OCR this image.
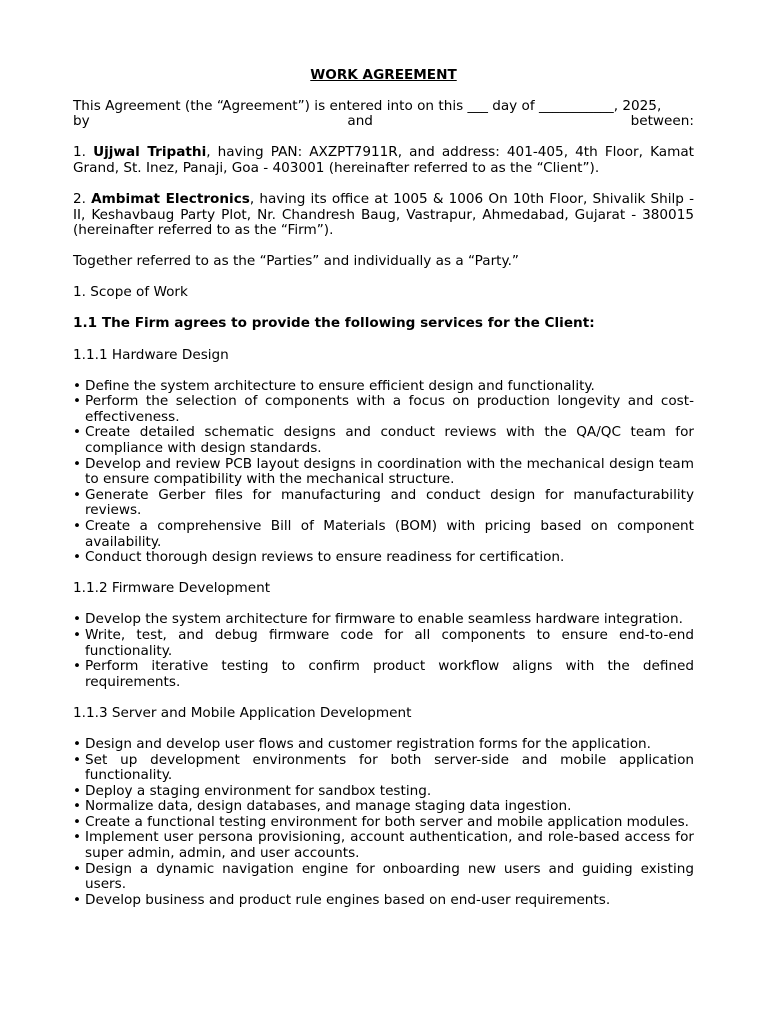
WORK AGREEMENT

This Agreement (the “Agreement”) is entered into on this ___ day of ___________, 2025,
by	and	between:

1. Ujjwal Tripathi, having PAN: AXZPT7911R, and address: 401-405, 4th Floor, Kamat Grand, St. Inez, Panaji, Goa - 403001 (hereinafter referred to as the “Client”).

2. Ambimat Electronics, having its office at 1005 & 1006 On 10th Floor, Shivalik Shilp - II, Keshavbaug Party Plot, Nr. Chandresh Baug, Vastrapur, Ahmedabad, Gujarat - 380015 (hereinafter referred to as the “Firm”).

Together referred to as the “Parties” and individually as a “Party.”

1. Scope of Work

1.1 The Firm agrees to provide the following services for the Client:

1.1.1 Hardware Design

• Define the system architecture to ensure efficient design and functionality.
• Perform the selection of components with a focus on production longevity and cost-effectiveness.
• Create detailed schematic designs and conduct reviews with the QA/QC team for compliance with design standards.
• Develop and review PCB layout designs in coordination with the mechanical design team to ensure compatibility with the mechanical structure.
• Generate Gerber files for manufacturing and conduct design for manufacturability reviews.
• Create a comprehensive Bill of Materials (BOM) with pricing based on component availability.
• Conduct thorough design reviews to ensure readiness for certification.

1.1.2 Firmware Development

• Develop the system architecture for firmware to enable seamless hardware integration.
• Write, test, and debug firmware code for all components to ensure end-to-end functionality.
• Perform iterative testing to confirm product workflow aligns with the defined requirements.

1.1.3 Server and Mobile Application Development

• Design and develop user flows and customer registration forms for the application.
• Set up development environments for both server-side and mobile application functionality.
• Deploy a staging environment for sandbox testing.
• Normalize data, design databases, and manage staging data ingestion.
• Create a functional testing environment for both server and mobile application modules.
• Implement user persona provisioning, account authentication, and role-based access for super admin, admin, and user accounts.
• Design a dynamic navigation engine for onboarding new users and guiding existing users.
• Develop business and product rule engines based on end-user requirements.
